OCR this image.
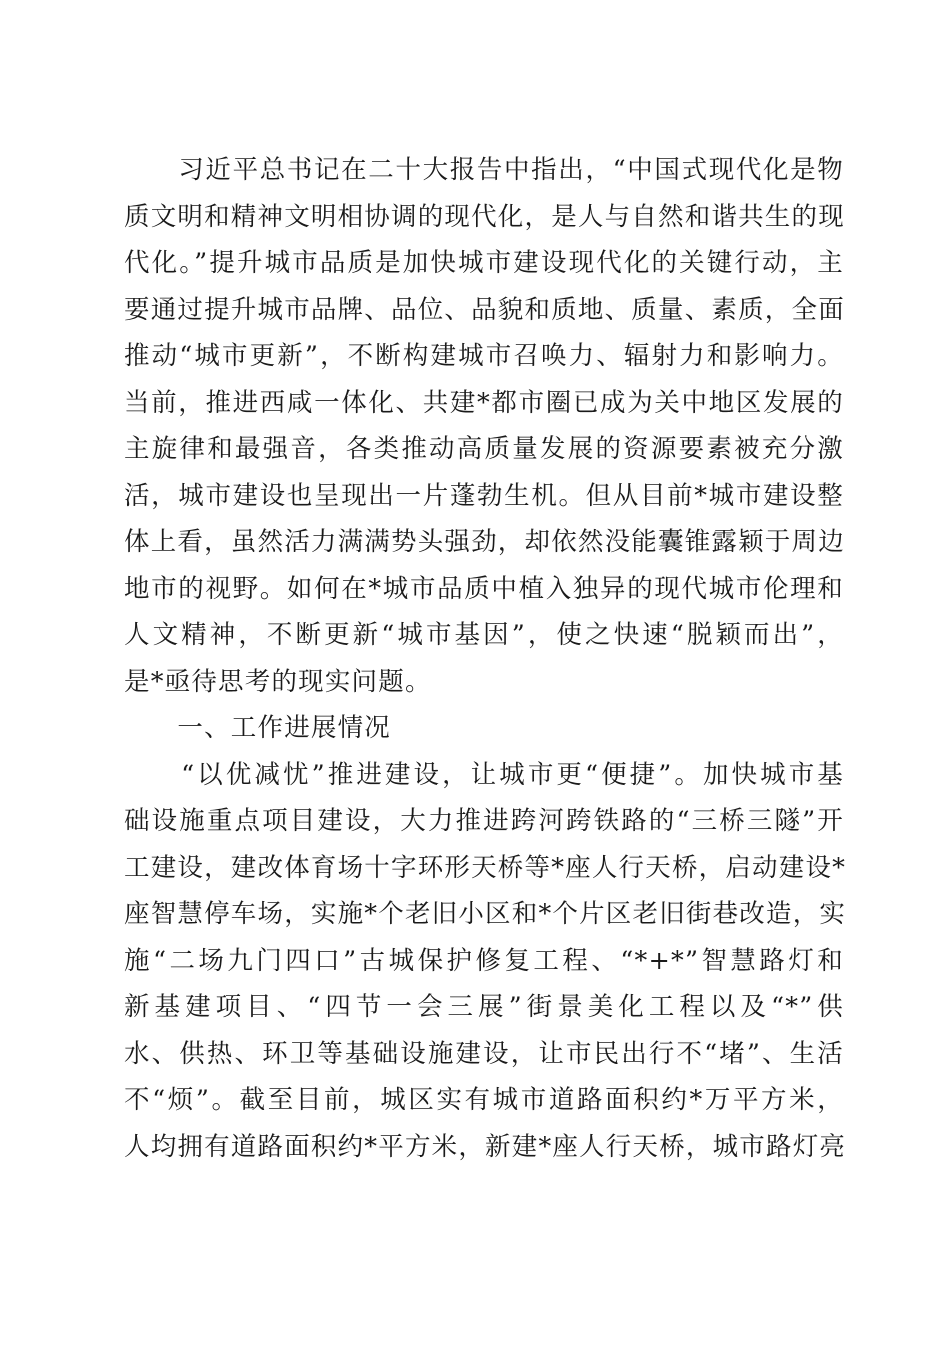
　　习近平总书记在二十大报告中指出，“中国式现代化是物
质文明和精神文明相协调的现代化，是人与自然和谐共生的现
代化。”提升城市品质是加快城市建设现代化的关键行动，主
要通过提升城市品牌、品位、品貌和质地、质量、素质，全面
推动“城市更新”，不断构建城市召唤力、辐射力和影响力。
当前，推进西咸一体化、共建*都市圈已成为关中地区发展的
主旋律和最强音，各类推动高质量发展的资源要素被充分激
活，城市建设也呈现出一片蓬勃生机。但从目前*城市建设整
体上看，虽然活力满满势头强劲，却依然没能囊锥露颖于周边
地市的视野。如何在*城市品质中植入独异的现代城市伦理和
人文精神，不断更新“城市基因”，使之快速“脱颖而出”，
是*亟待思考的现实问题。
　　一、工作进展情况
　　“以优减忧”推进建设，让城市更“便捷”。加快城市基
础设施重点项目建设，大力推进跨河跨铁路的“三桥三隧”开
工建设，建改体育场十字环形天桥等*座人行天桥，启动建设*
座智慧停车场，实施*个老旧小区和*个片区老旧街巷改造，实
施“二场九门四口”古城保护修复工程、“*+*”智慧路灯和
新基建项目、“四节一会三展”街景美化工程以及“*”供
水、供热、环卫等基础设施建设，让市民出行不“堵”、生活
不“烦”。截至目前，城区实有城市道路面积约*万平方米，
人均拥有道路面积约*平方米，新建*座人行天桥，城市路灯亮
